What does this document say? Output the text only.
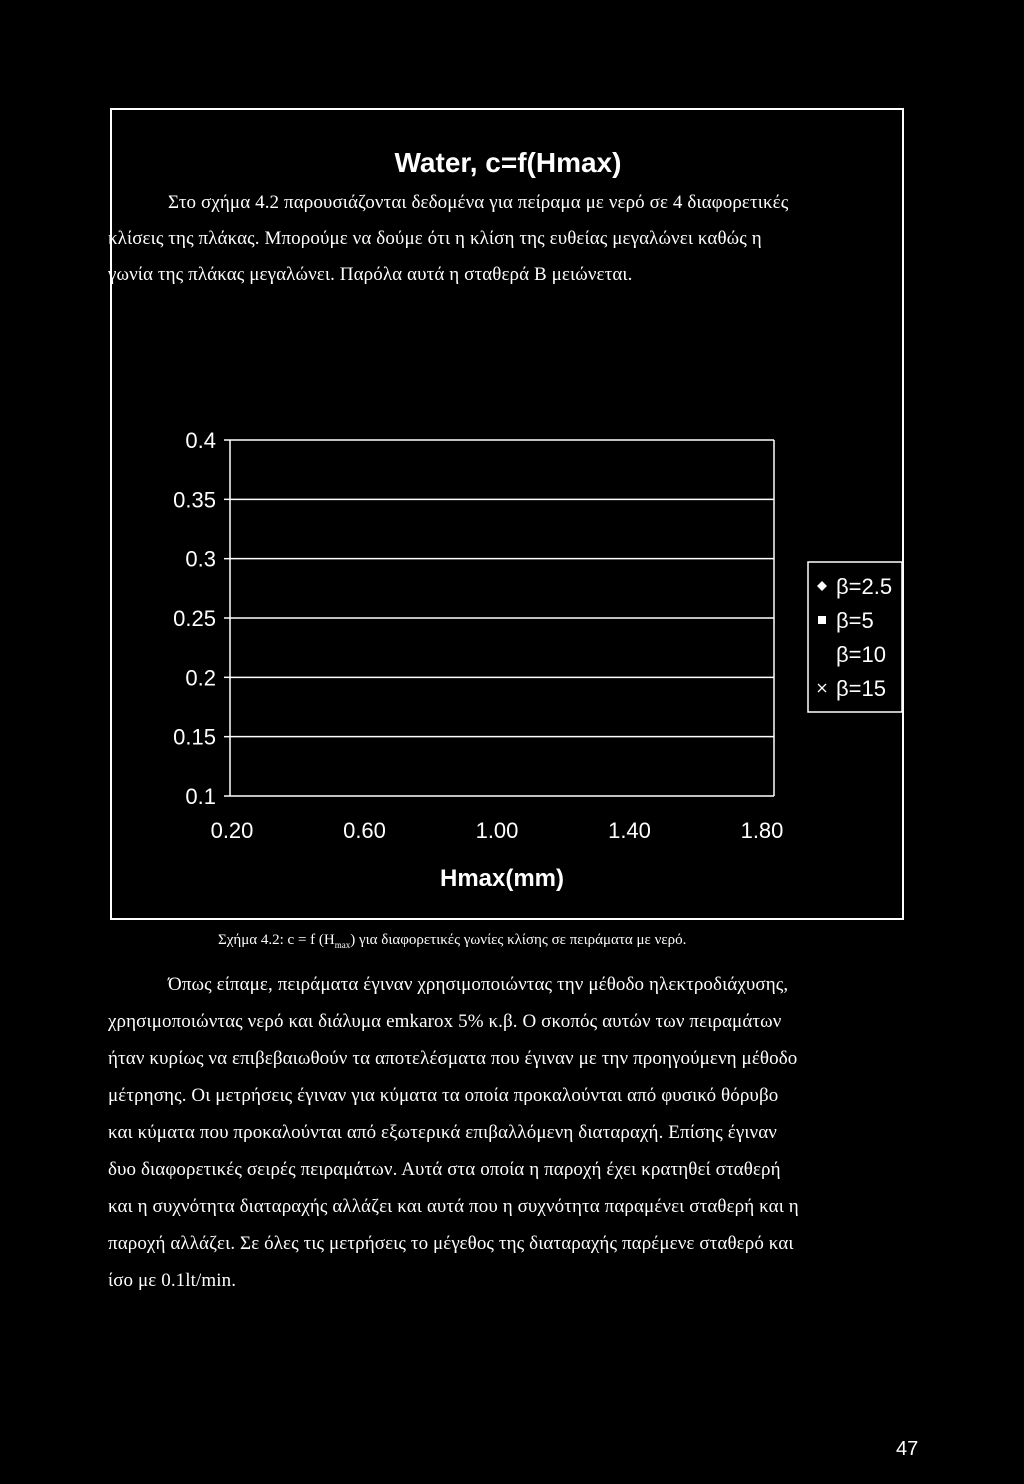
Στο σχήμα 4.2 παρουσιάζονται δεδομένα για πείραμα με νερό σε 4 διαφορετικές
κλίσεις της πλάκας. Μπορούμε να δούμε ότι η κλίση της ευθείας μεγαλώνει καθώς η
γωνία της πλάκας μεγαλώνει. Παρόλα αυτά η σταθερά Β μειώνεται.
Water, c=f(Hmax)
0.1
0.15
0.2
0.25
0.3
0.35
0.4
0.20	0.60	1.00	1.40	1.80
Hmax(mm)
β=2.5
β=5
β=10
β=15
Σχήμα 4.2: c = f $(H_{max})$ για διαφορετικές γωνίες κλίσης σε πειράματα με νερό.
Όπως είπαμε, πειράματα έγιναν χρησιμοποιώντας την μέθοδο ηλεκτροδιάχυσης,
χρησιμοποιώντας νερό και διάλυμα emkarox 5% κ.β. Ο σκοπός αυτών των πειραμάτων
ήταν κυρίως να επιβεβαιωθούν τα αποτελέσματα που έγιναν με την προηγούμενη μέθοδο
μέτρησης. Οι μετρήσεις έγιναν για κύματα τα οποία προκαλούνται από φυσικό θόρυβο
και κύματα που προκαλούνται από εξωτερικά επιβαλλόμενη διαταραχή. Επίσης έγιναν
δυο διαφορετικές σειρές πειραμάτων. Αυτά στα οποία η παροχή έχει κρατηθεί σταθερή
και η συχνότητα διαταραχής αλλάζει και αυτά που η συχνότητα παραμένει σταθερή και η
παροχή αλλάζει. Σε όλες τις μετρήσεις το μέγεθος της διαταραχής παρέμενε σταθερό και
ίσο με 0.1lt/min.
47
